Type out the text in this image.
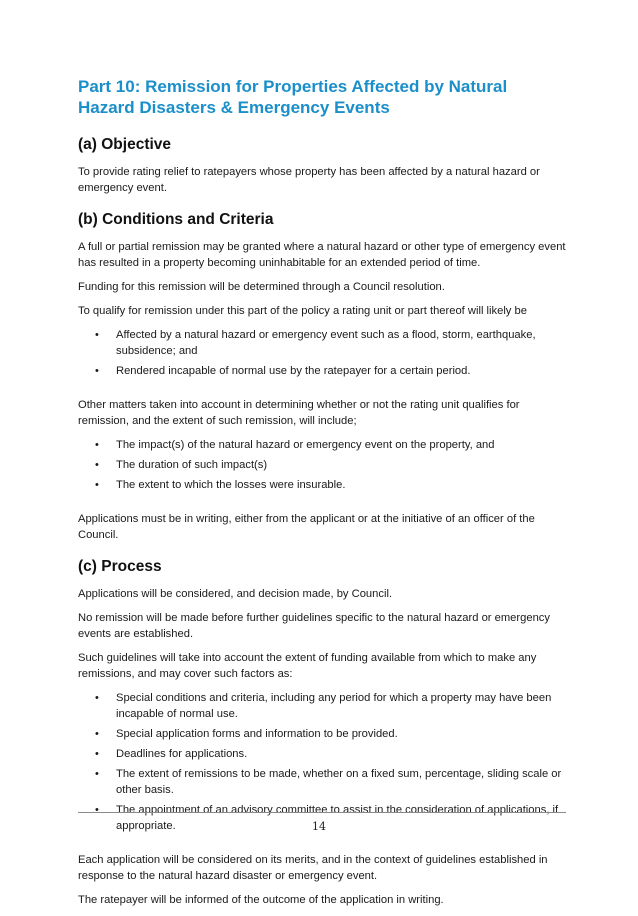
Part 10: Remission for Properties Affected by Natural Hazard Disasters & Emergency Events
(a) Objective

To provide rating relief to ratepayers whose property has been affected by a natural hazard or emergency event.

(b) Conditions and Criteria

A full or partial remission may be granted where a natural hazard or other type of emergency event has resulted in a property becoming uninhabitable for an extended period of time.

Funding for this remission will be determined through a Council resolution.

To qualify for remission under this part of the policy a rating unit or part thereof will likely be

• Affected by a natural hazard or emergency event such as a flood, storm, earthquake, subsidence; and
• Rendered incapable of normal use by the ratepayer for a certain period.

Other matters taken into account in determining whether or not the rating unit qualifies for remission, and the extent of such remission, will include;

• The impact(s) of the natural hazard or emergency event on the property, and
• The duration of such impact(s)
• The extent to which the losses were insurable.

Applications must be in writing, either from the applicant or at the initiative of an officer of the Council.

(c) Process

Applications will be considered, and decision made, by Council.

No remission will be made before further guidelines specific to the natural hazard or emergency events are established.

Such guidelines will take into account the extent of funding available from which to make any remissions, and may cover such factors as:

• Special conditions and criteria, including any period for which a property may have been incapable of normal use.
• Special application forms and information to be provided.
• Deadlines for applications.
• The extent of remissions to be made, whether on a fixed sum, percentage, sliding scale or other basis.
• The appointment of an advisory committee to assist in the consideration of applications, if appropriate.

Each application will be considered on its merits, and in the context of guidelines established in response to the natural hazard disaster or emergency event.

The ratepayer will be informed of the outcome of the application in writing.

14
